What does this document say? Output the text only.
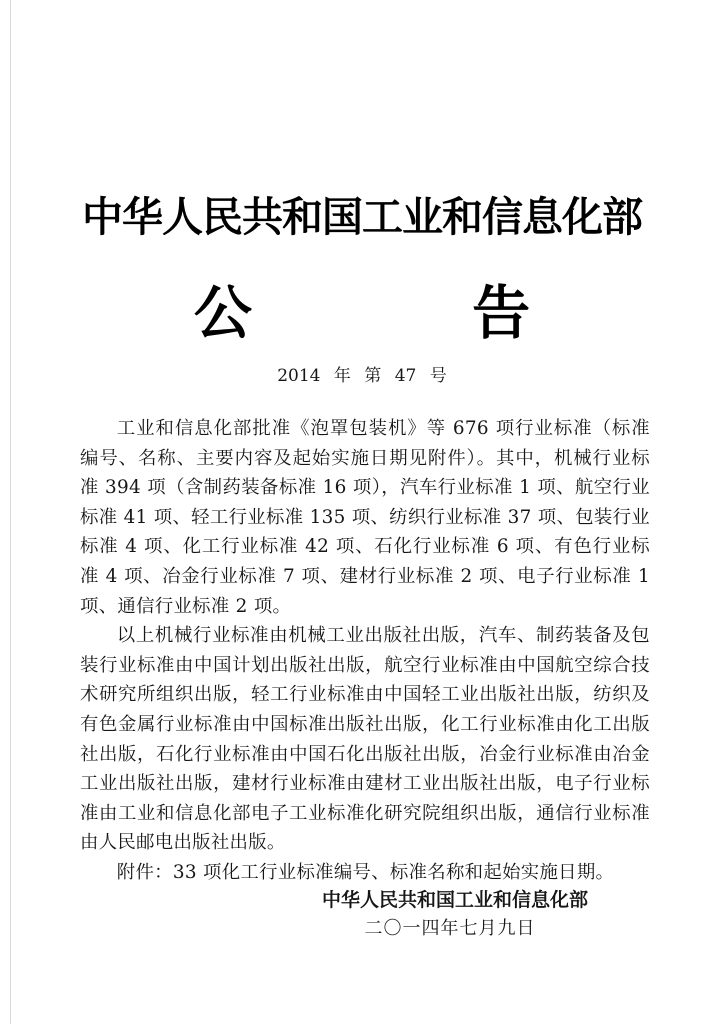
中华人民共和国工业和信息化部
公 告
2014 年 第 47 号

工业和信息化部批准《泡罩包装机》等 676 项行业标准（标准编号、名称、主要内容及起始实施日期见附件）。其中，机械行业标准 394 项（含制药装备标准 16 项），汽车行业标准 1 项、航空行业标准 41 项、轻工行业标准 135 项、纺织行业标准 37 项、包装行业标准 4 项、化工行业标准 42 项、石化行业标准 6 项、有色行业标准 4 项、冶金行业标准 7 项、建材行业标准 2 项、电子行业标准 1 项、通信行业标准 2 项。

以上机械行业标准由机械工业出版社出版，汽车、制药装备及包装行业标准由中国计划出版社出版，航空行业标准由中国航空综合技术研究所组织出版，轻工行业标准由中国轻工业出版社出版，纺织及有色金属行业标准由中国标准出版社出版，化工行业标准由化工出版社出版，石化行业标准由中国石化出版社出版，冶金行业标准由冶金工业出版社出版，建材行业标准由建材工业出版社出版，电子行业标准由工业和信息化部电子工业标准化研究院组织出版，通信行业标准由人民邮电出版社出版。

附件：33 项化工行业标准编号、标准名称和起始实施日期。

中华人民共和国工业和信息化部
二〇一四年七月九日
